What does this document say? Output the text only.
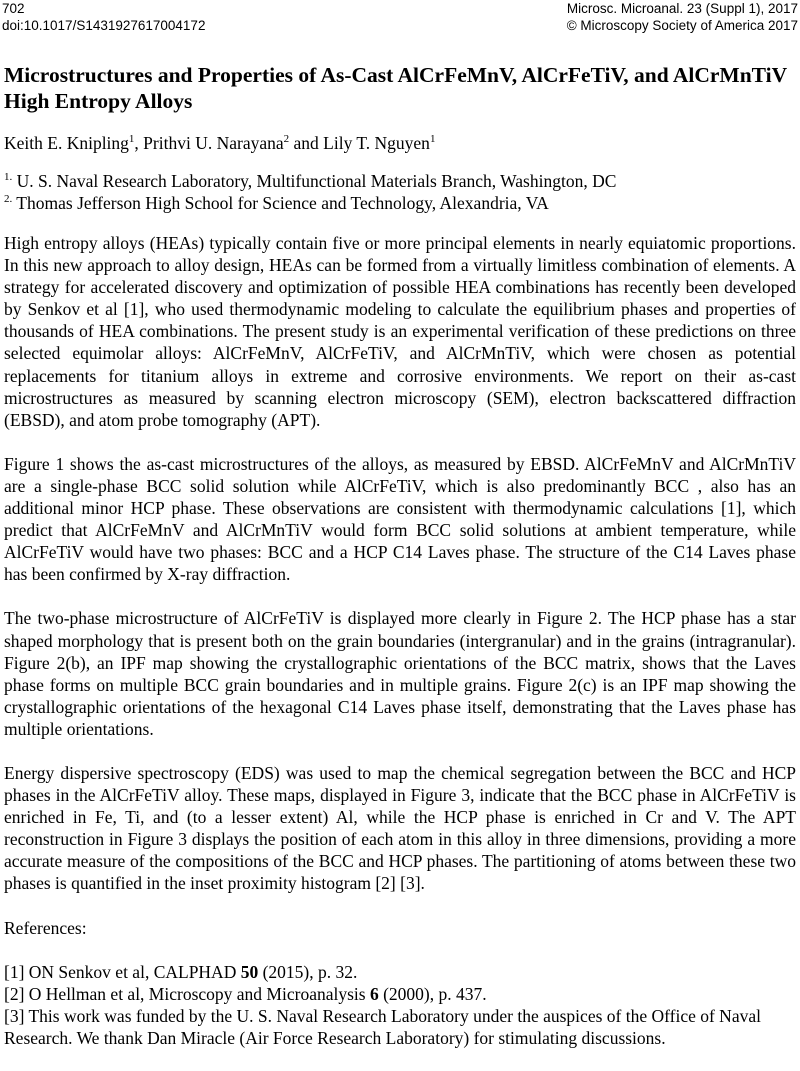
702
doi:10.1017/S1431927617004172
Microsc. Microanal. 23 (Suppl 1), 2017
© Microscopy Society of America 2017
Microstructures and Properties of As-Cast AlCrFeMnV, AlCrFeTiV, and AlCrMnTiV High Entropy Alloys
Keith E. Knipling$^1$, Prithvi U. Narayana$^2$ and Lily T. Nguyen$^1$
$^{1.}$ U. S. Naval Research Laboratory, Multifunctional Materials Branch, Washington, DC
$^{2.}$ Thomas Jefferson High School for Science and Technology, Alexandria, VA

High entropy alloys (HEAs) typically contain five or more principal elements in nearly equiatomic proportions. In this new approach to alloy design, HEAs can be formed from a virtually limitless combination of elements. A strategy for accelerated discovery and optimization of possible HEA combinations has recently been developed by Senkov et al [1], who used thermodynamic modeling to calculate the equilibrium phases and properties of thousands of HEA combinations. The present study is an experimental verification of these predictions on three selected equimolar alloys: AlCrFeMnV, AlCrFeTiV, and AlCrMnTiV, which were chosen as potential replacements for titanium alloys in extreme and corrosive environments. We report on their as-cast microstructures as measured by scanning electron microscopy (SEM), electron backscattered diffraction (EBSD), and atom probe tomography (APT).

Figure 1 shows the as-cast microstructures of the alloys, as measured by EBSD. AlCrFeMnV and AlCrMnTiV are a single-phase BCC solid solution while AlCrFeTiV, which is also predominantly BCC , also has an additional minor HCP phase. These observations are consistent with thermodynamic calculations [1], which predict that AlCrFeMnV and AlCrMnTiV would form BCC solid solutions at ambient temperature, while AlCrFeTiV would have two phases: BCC and a HCP C14 Laves phase. The structure of the C14 Laves phase has been confirmed by X-ray diffraction.

The two-phase microstructure of AlCrFeTiV is displayed more clearly in Figure 2. The HCP phase has a star shaped morphology that is present both on the grain boundaries (intergranular) and in the grains (intragranular). Figure 2(b), an IPF map showing the crystallographic orientations of the BCC matrix, shows that the Laves phase forms on multiple BCC grain boundaries and in multiple grains. Figure 2(c) is an IPF map showing the crystallographic orientations of the hexagonal C14 Laves phase itself, demonstrating that the Laves phase has multiple orientations.

Energy dispersive spectroscopy (EDS) was used to map the chemical segregation between the BCC and HCP phases in the AlCrFeTiV alloy. These maps, displayed in Figure 3, indicate that the BCC phase in AlCrFeTiV is enriched in Fe, Ti, and (to a lesser extent) Al, while the HCP phase is enriched in Cr and V. The APT reconstruction in Figure 3 displays the position of each atom in this alloy in three dimensions, providing a more accurate measure of the compositions of the BCC and HCP phases. The partitioning of atoms between these two phases is quantified in the inset proximity histogram [2] [3].

References:
[1] ON Senkov et al, CALPHAD 50 (2015), p. 32.
[2] O Hellman et al, Microscopy and Microanalysis 6 (2000), p. 437.
[3] This work was funded by the U. S. Naval Research Laboratory under the auspices of the Office of Naval Research. We thank Dan Miracle (Air Force Research Laboratory) for stimulating discussions.
